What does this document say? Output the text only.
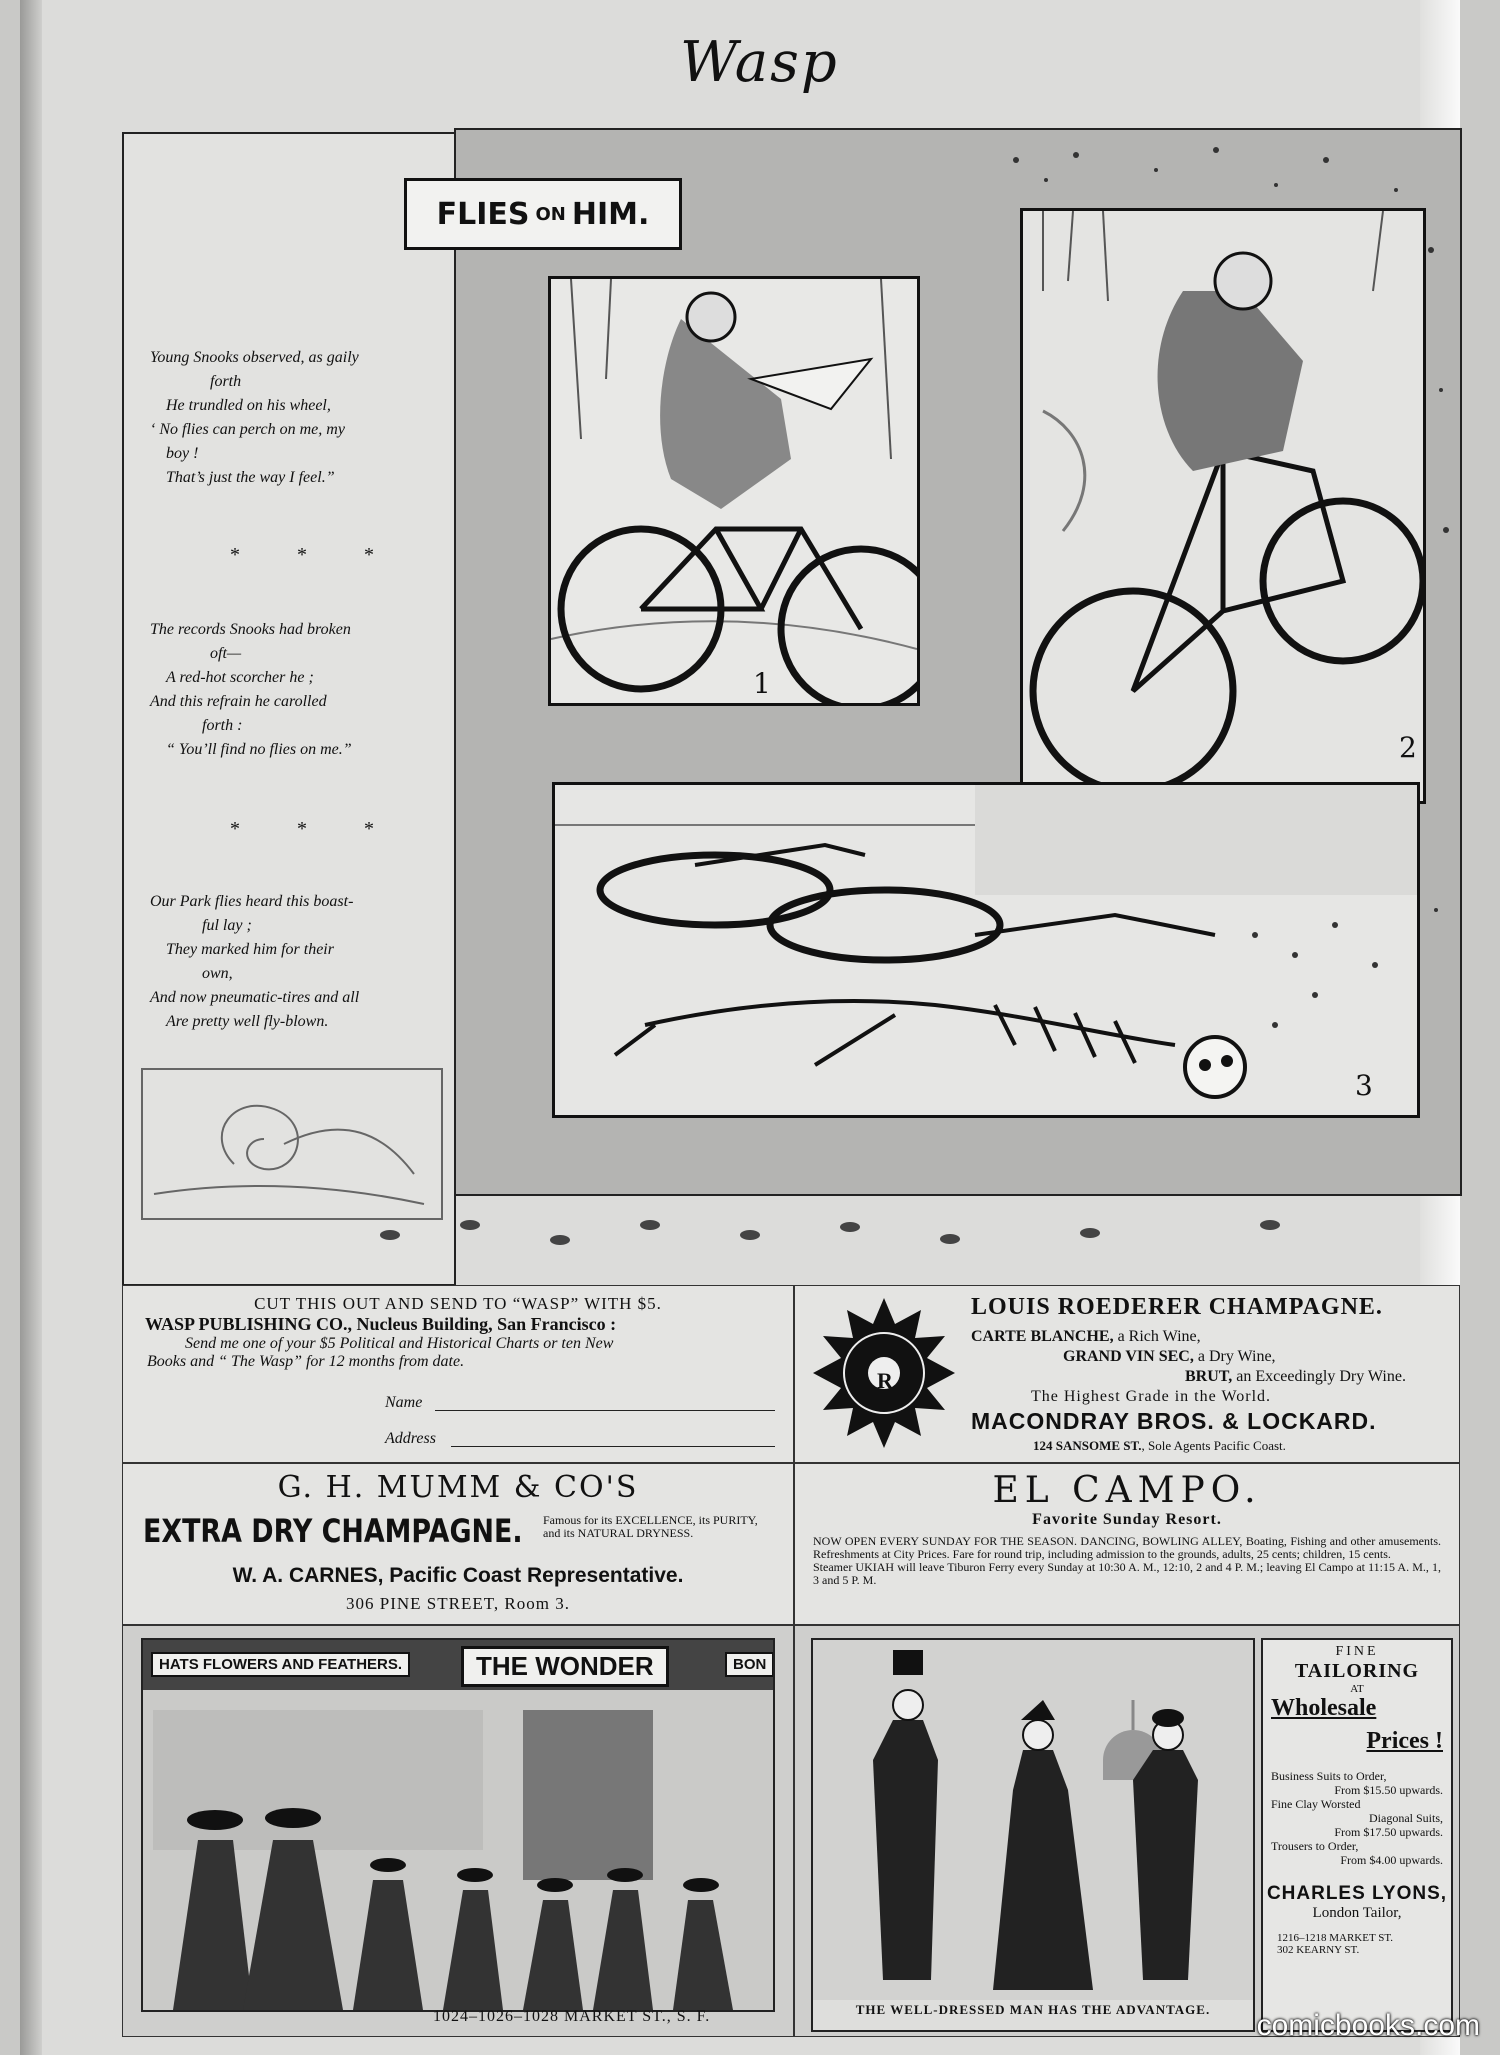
Wasp

Young Snooks observed, as gaily

forth

He trundled on his wheel,

‘ No flies can perch on me, my

boy !

That’s just the way I feel.”

* * *

The records Snooks had broken

oft—

A red-hot scorcher he ;

And this refrain he carolled

forth :

“ You’ll find no flies on me.”

* * *

Our Park flies heard this boast-

ful lay ;

They marked him for their

own,

And now pneumatic-tires and all

Are pretty well fly-blown.

FLIES ON HIM.
1
2
3
CUT THIS OUT AND SEND TO “WASP” WITH $5.
WASP PUBLISHING CO., Nucleus Building, San Francisco :
Send me one of your $5 Political and Historical Charts or ten New
Books and “ The Wasp” for 12 months from date.
Name
Address
R
LOUIS ROEDERER CHAMPAGNE.
CARTE BLANCHE, a Rich Wine,
GRAND VIN SEC, a Dry Wine,
BRUT, an Exceedingly Dry Wine.
The Highest Grade in the World.
MACONDRAY BROS. & LOCKARD.
124 SANSOME ST., Sole Agents Pacific Coast.
G. H. MUMM & CO'S
EXTRA DRY CHAMPAGNE. Famous for its EXCELLENCE, its PURITY, and its NATURAL DRYNESS.
W. A. CARNES, Pacific Coast Representative.
306 PINE STREET, Room 3.
EL CAMPO.
Favorite Sunday Resort.
NOW OPEN EVERY SUNDAY FOR THE SEASON. DANCING, BOWLING ALLEY, Boating, Fishing and other amusements. Refreshments at City Prices. Fare for round trip, including admission to the grounds, adults, 25 cents; children, 15 cents.
Steamer UKIAH will leave Tiburon Ferry every Sunday at 10:30 A. M., 12:10, 2 and 4 P. M.; leaving El Campo at 11:15 A. M., 1, 3 and 5 P. M.
HATS FLOWERS AND FEATHERS.	THE WONDER	BON
1024–1026–1028 MARKET ST., S. F.	THE WELL-DRESSED MAN HAS THE ADVANTAGE.
FINE
TAILORING
AT
Wholesale
Prices !
Business Suits to Order,
From $15.50 upwards.
Fine Clay Worsted
Diagonal Suits,
From $17.50 upwards.
Trousers to Order,
From $4.00 upwards.
CHARLES LYONS,
London Tailor,
1216–1218 MARKET ST.
302 KEARNY ST.
comicbooks.com
